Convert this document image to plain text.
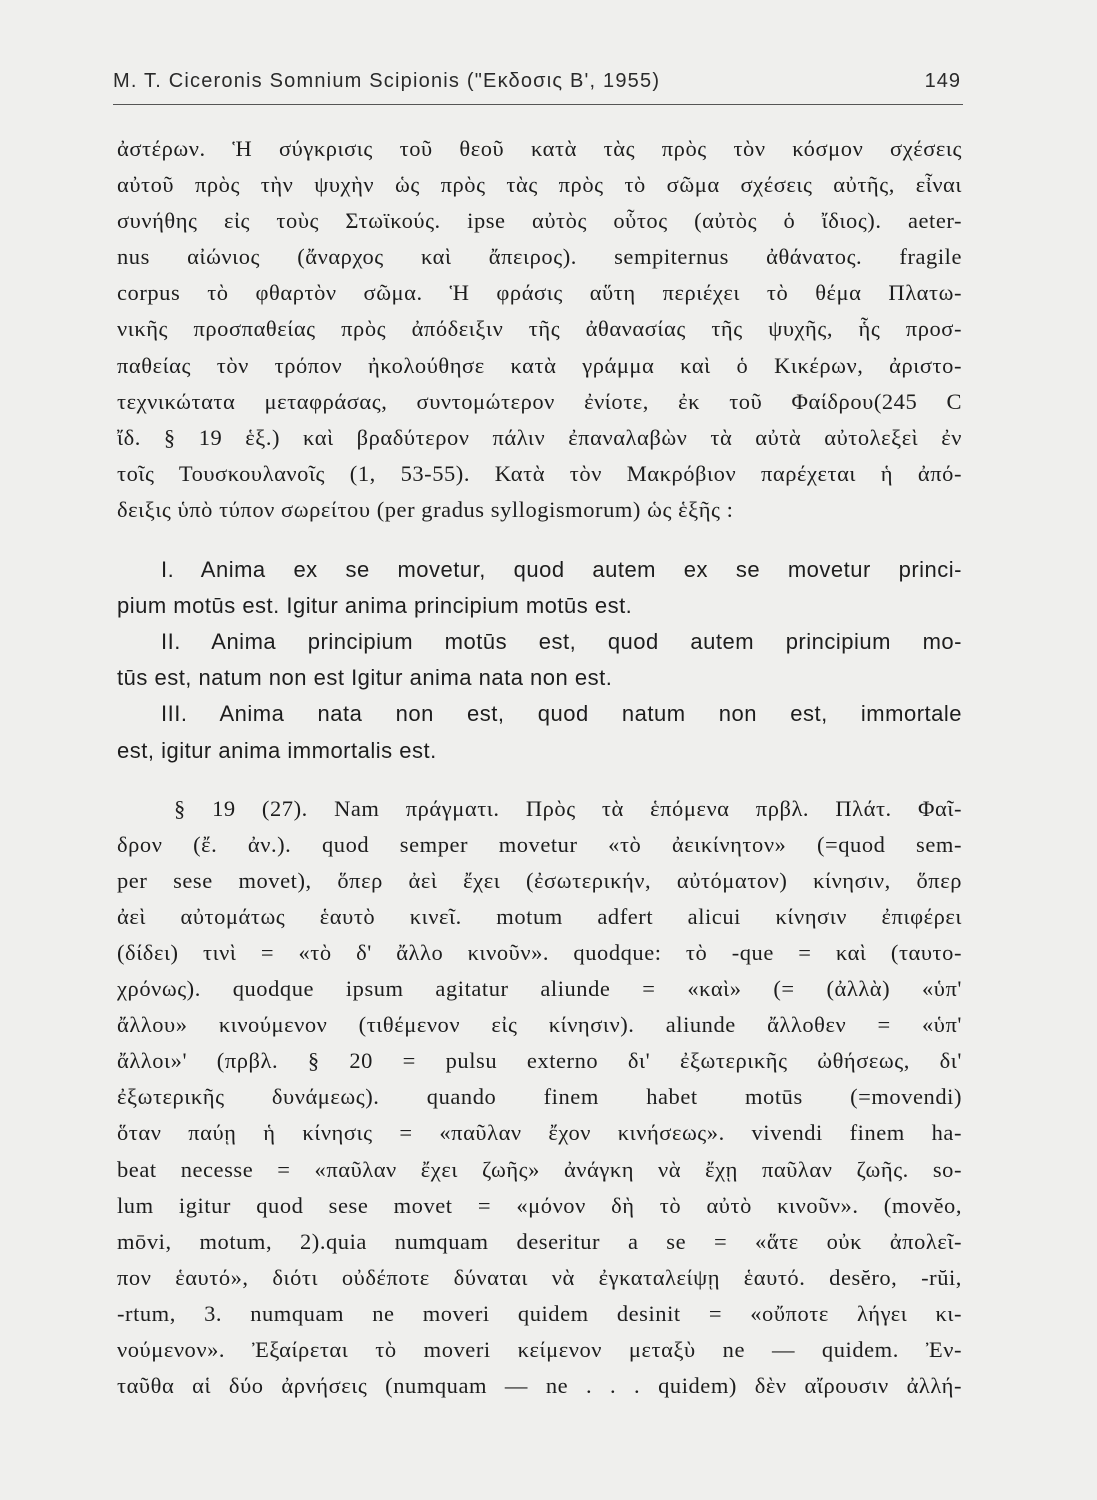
M. T. Ciceronis Somnium Scipionis ("Εκδοσις Β', 1955)	149
ἀστέρων. Ἡ σύγκρισις τοῦ θεοῦ κατὰ τὰς πρὸς τὸν κόσμον σχέσεις
αὐτοῦ πρὸς τὴν ψυχὴν ὡς πρὸς τὰς πρὸς τὸ σῶμα σχέσεις αὐτῆς, εἶναι
συνήθης εἰς τοὺς Στωϊκούς. ipse αὐτὸς οὗτος (αὐτὸς ὁ ἴδιος). aeter-
nus αἰώνιος (ἄναρχος καὶ ἄπειρος). sempiternus ἀθάνατος. fragile
corpus τὸ φθαρτὸν σῶμα. Ἡ φράσις αὕτη περιέχει τὸ θέμα Πλατω-
νικῆς προσπαθείας πρὸς ἀπόδειξιν τῆς ἀθανασίας τῆς ψυχῆς, ἧς προσ-
παθείας τὸν τρόπον ἠκολούθησε κατὰ γράμμα καὶ ὁ Κικέρων, ἀριστο-
τεχνικώτατα μεταφράσας, συντομώτερον ἐνίοτε, ἐκ τοῦ Φαίδρου(245 C
ἴδ. § 19 ἑξ.) καὶ βραδύτερον πάλιν ἐπαναλαβὼν τὰ αὐτὰ αὐτολεξεὶ ἐν
τοῖς Τουσκουλανοῖς (1, 53-55). Κατὰ τὸν Μακρόβιον παρέχεται ἡ ἀπό-
δειξις ὑπὸ τύπον σωρείτου (per gradus syllogismorum) ὡς ἑξῆς :
I. Anima ex se movetur, quod autem ex se movetur princi-
pium motūs est. Igitur anima principium motūs est.
II. Anima principium motūs est, quod autem principium mo-
tūs est, natum non est Igitur anima nata non est.
III. Anima nata non est, quod natum non est, immortale
est, igitur anima immortalis est.
§ 19 (27). Nam πράγματι. Πρὸς τὰ ἑπόμενα πρβλ. Πλάτ. Φαῖ-
δρον (ἔ. ἀν.). quod semper movetur «τὸ ἀεικίνητον» (=quod sem-
per sese movet), ὅπερ ἀεὶ ἔχει (ἐσωτερικήν, αὐτόματον) κίνησιν, ὅπερ
ἀεὶ αὐτομάτως ἑαυτὸ κινεῖ. motum adfert alicui κίνησιν ἐπιφέρει
(δίδει) τινὶ = «τὸ δ' ἄλλο κινοῦν». quodque: τὸ -que = καὶ (ταυτο-
χρόνως). quodque ipsum agitatur aliunde = «καὶ» (= (ἀλλὰ) «ὑπ'
ἄλλου» κινούμενον (τιθέμενον εἰς κίνησιν). aliunde ἄλλοθεν = «ὑπ'
ἄλλοι»' (πρβλ. § 20 = pulsu externo δι' ἐξωτερικῆς ὠθήσεως, δι'
ἐξωτερικῆς δυνάμεως). quando finem habet motūs (=movendi)
ὅταν παύῃ ἡ κίνησις = «παῦλαν ἔχον κινήσεως». vivendi finem ha-
beat necesse = «παῦλαν ἔχει ζωῆς» ἀνάγκη νὰ ἔχῃ παῦλαν ζωῆς. so-
lum igitur quod sese movet = «μόνον δὴ τὸ αὐτὸ κινοῦν». (movĕo,
mōvi, motum, 2).quia numquam deseritur a se = «ἅτε οὐκ ἀπολεῖ-
πον ἑαυτό», διότι οὐδέποτε δύναται νὰ ἐγκαταλείψῃ ἑαυτό. desĕro, -rŭi,
-rtum, 3. numquam ne moveri quidem desinit = «οὔποτε λήγει κι-
νούμενον». Ἐξαίρεται τὸ moveri κείμενον μεταξὺ ne — quidem. Ἐν-
ταῦθα αἱ δύο ἀρνήσεις (numquam — ne . . . quidem) δὲν αἴρουσιν ἀλλή-
